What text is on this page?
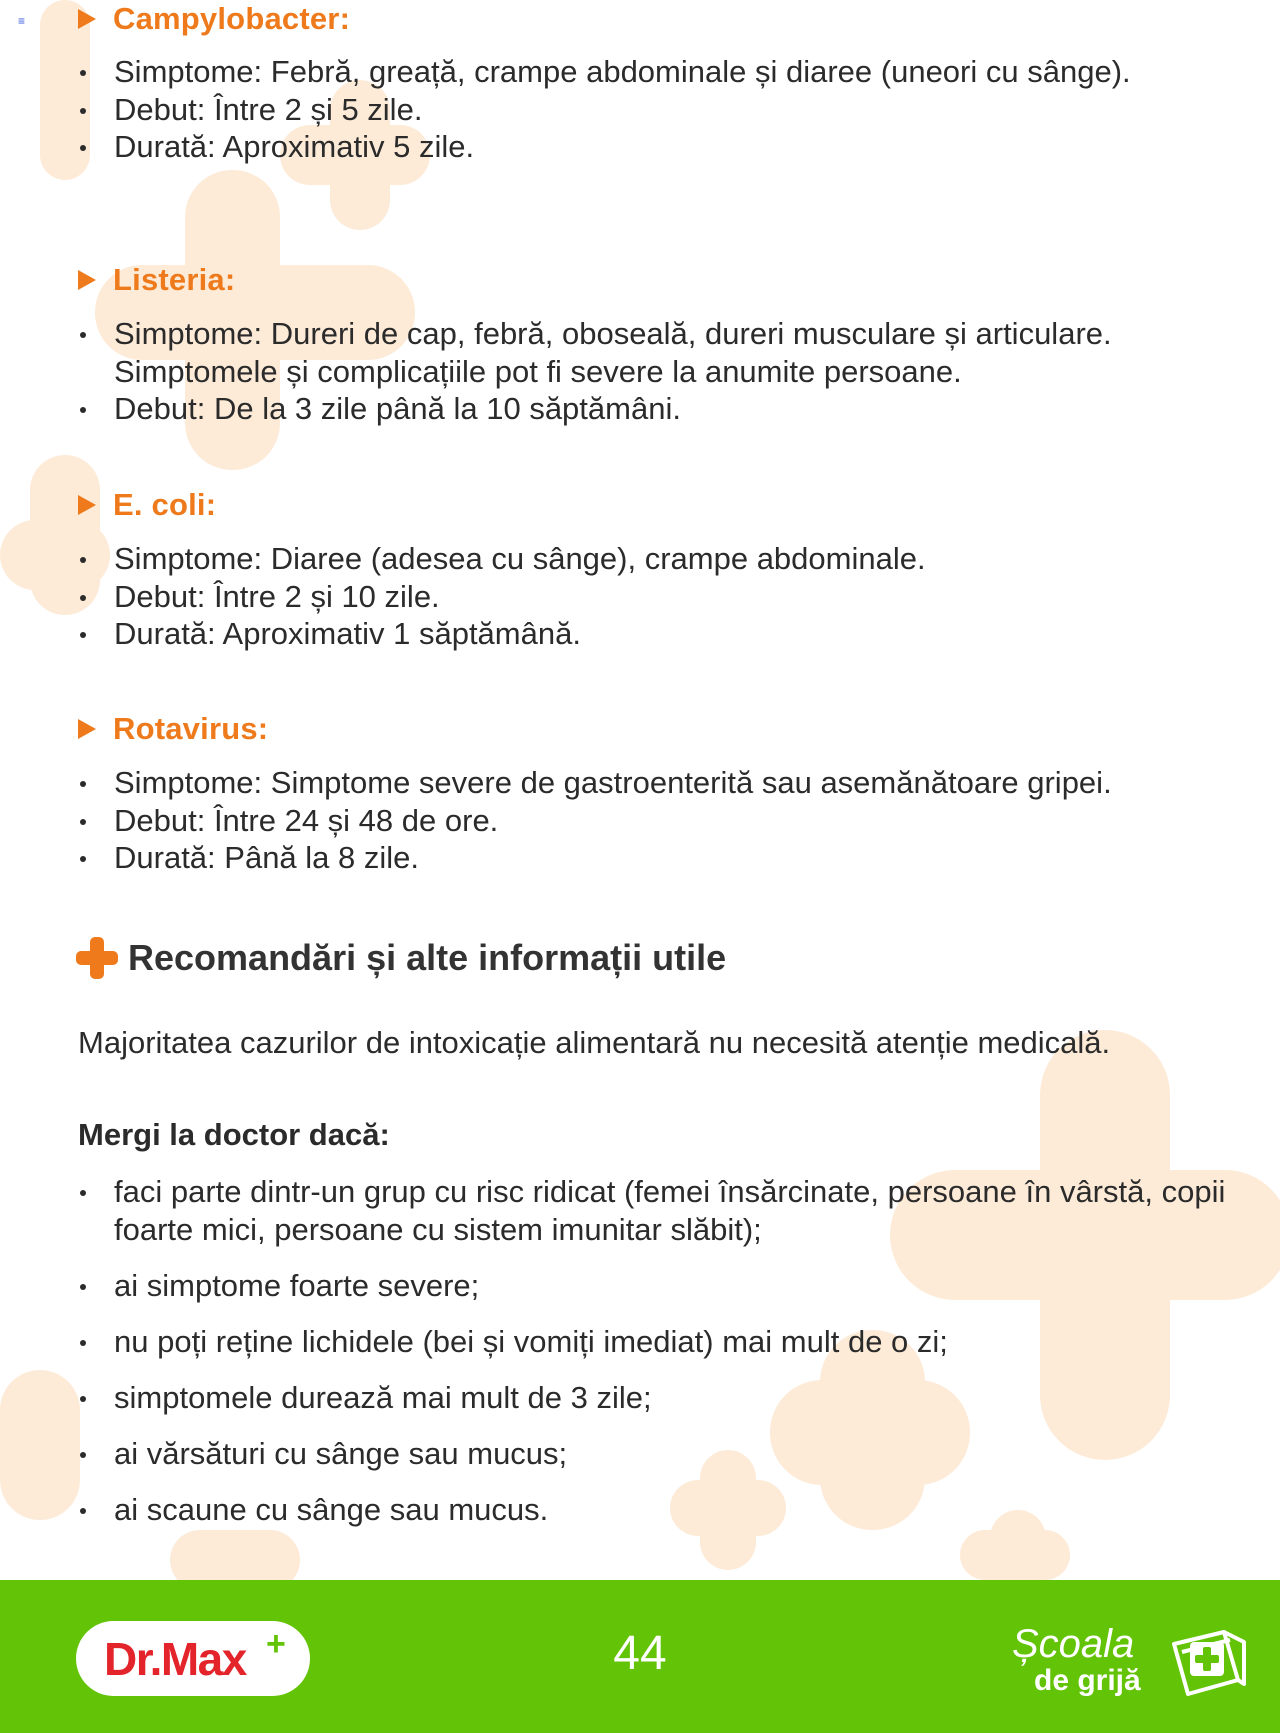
≡	Campylobacter:
Simptome: Febră, greață, crampe abdominale și diaree (uneori cu sânge).
Debut: Între 2 și 5 zile.
Durată: Aproximativ 5 zile.
Listeria:
Simptome: Dureri de cap, febră, oboseală, dureri musculare și articulare. Simptomele și complicațiile pot fi severe la anumite persoane.
Debut: De la 3 zile până la 10 săptămâni.
E. coli:
Simptome: Diaree (adesea cu sânge), crampe abdominale.
Debut: Între 2 și 10 zile.
Durată: Aproximativ 1 săptămână.
Rotavirus:
Simptome: Simptome severe de gastroenterită sau asemănătoare gripei.
Debut: Între 24 și 48 de ore.
Durată: Până la 8 zile.
Recomandări și alte informații utile

Majoritatea cazurilor de intoxicație alimentară nu necesită atenție medicală.

Mergi la doctor dacă:
faci parte dintr-un grup cu risc ridicat (femei însărcinate, persoane în vârstă, copii foarte mici, persoane cu sistem imunitar slăbit);
ai simptome foarte severe;
nu poți reține lichidele (bei și vomiți imediat) mai mult de o zi;
simptomele durează mai mult de 3 zile;
ai vărsături cu sânge sau mucus;
ai scaune cu sânge sau mucus.
Dr.Max +	44	Școala
de grijă
